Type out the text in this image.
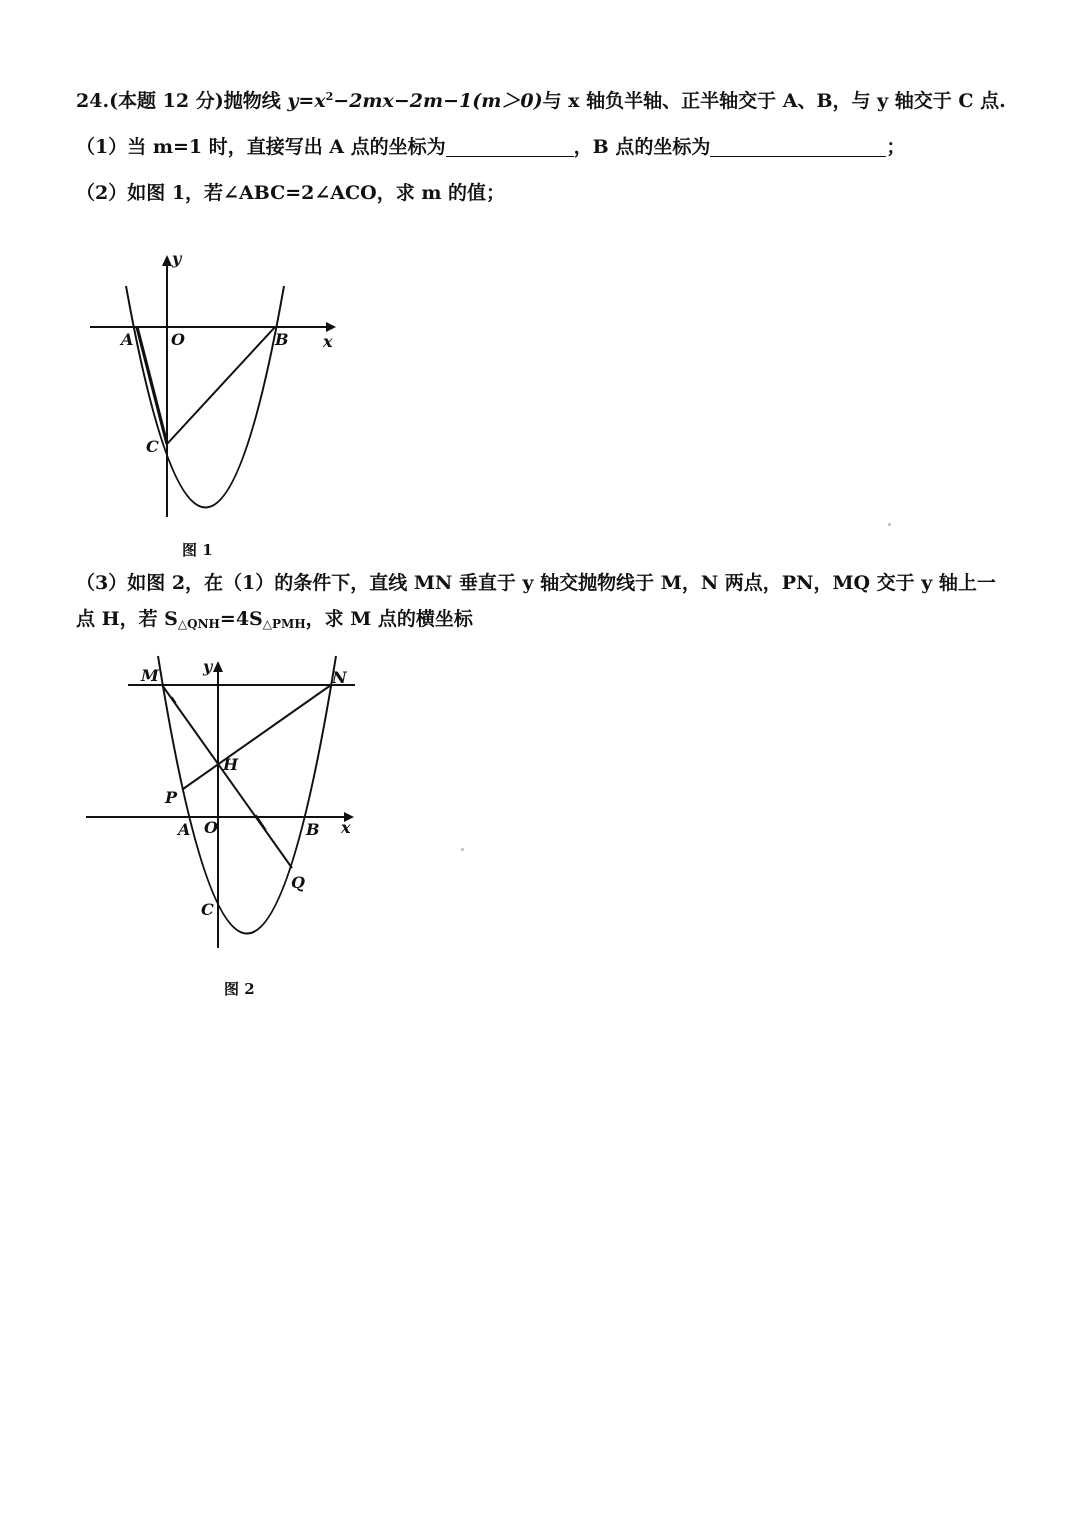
24.(本题 12 分)抛物线 $y=x^2-2mx-2m-1(m>0)$与 x 轴负半轴、正半轴交于 A、B，与 y 轴交于 C 点.
（1）当 m=1 时，直接写出 A 点的坐标为	，B 点的坐标为	；
（2）如图 1，若∠ABC=2∠ACO，求 m 的值；
y
A O	B x
C
图 1
（3）如图 2，在（1）的条件下，直线 MN 垂直于 y 轴交抛物线于 M，N 两点，PN，MQ 交于 y 轴上一
点 H，若 $S_{\triangle QNH}=4S_{\triangle PMH}$，求 M 点的横坐标
M	y
N
H
P
A O	B x
Q
C
图 2
